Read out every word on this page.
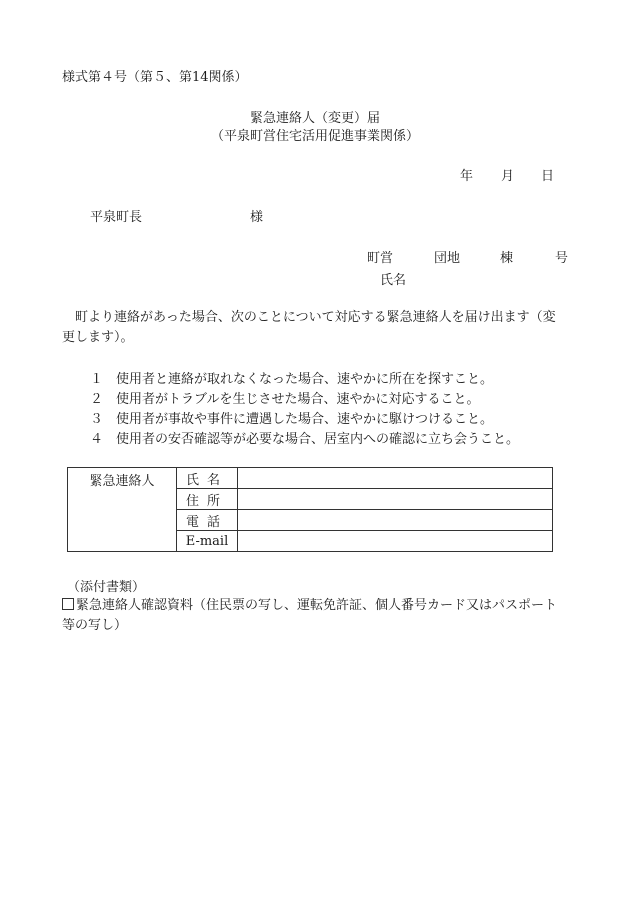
様式第４号（第５、第14関係）
緊急連絡人（変更）届
（平泉町営住宅活用促進事業関係）
年 月 日
平泉町長	様
町営	団地	棟	号
氏名
　町より連絡があった場合、次のことについて対応する緊急連絡人を届け出ます（変
更します）。
１　使用者と連絡が取れなくなった場合、速やかに所在を探すこと。
２　使用者がトラブルを生じさせた場合、速やかに対応すること。
３　使用者が事故や事件に遭遇した場合、速やかに駆けつけること。
４　使用者の安否確認等が必要な場合、居室内への確認に立ち会うこと。
緊急連絡人	氏名	
	住所	
	電話	
	E-mail	
（添付書類）
緊急連絡人確認資料（住民票の写し、運転免許証、個人番号カード又はパスポート
等の写し）
